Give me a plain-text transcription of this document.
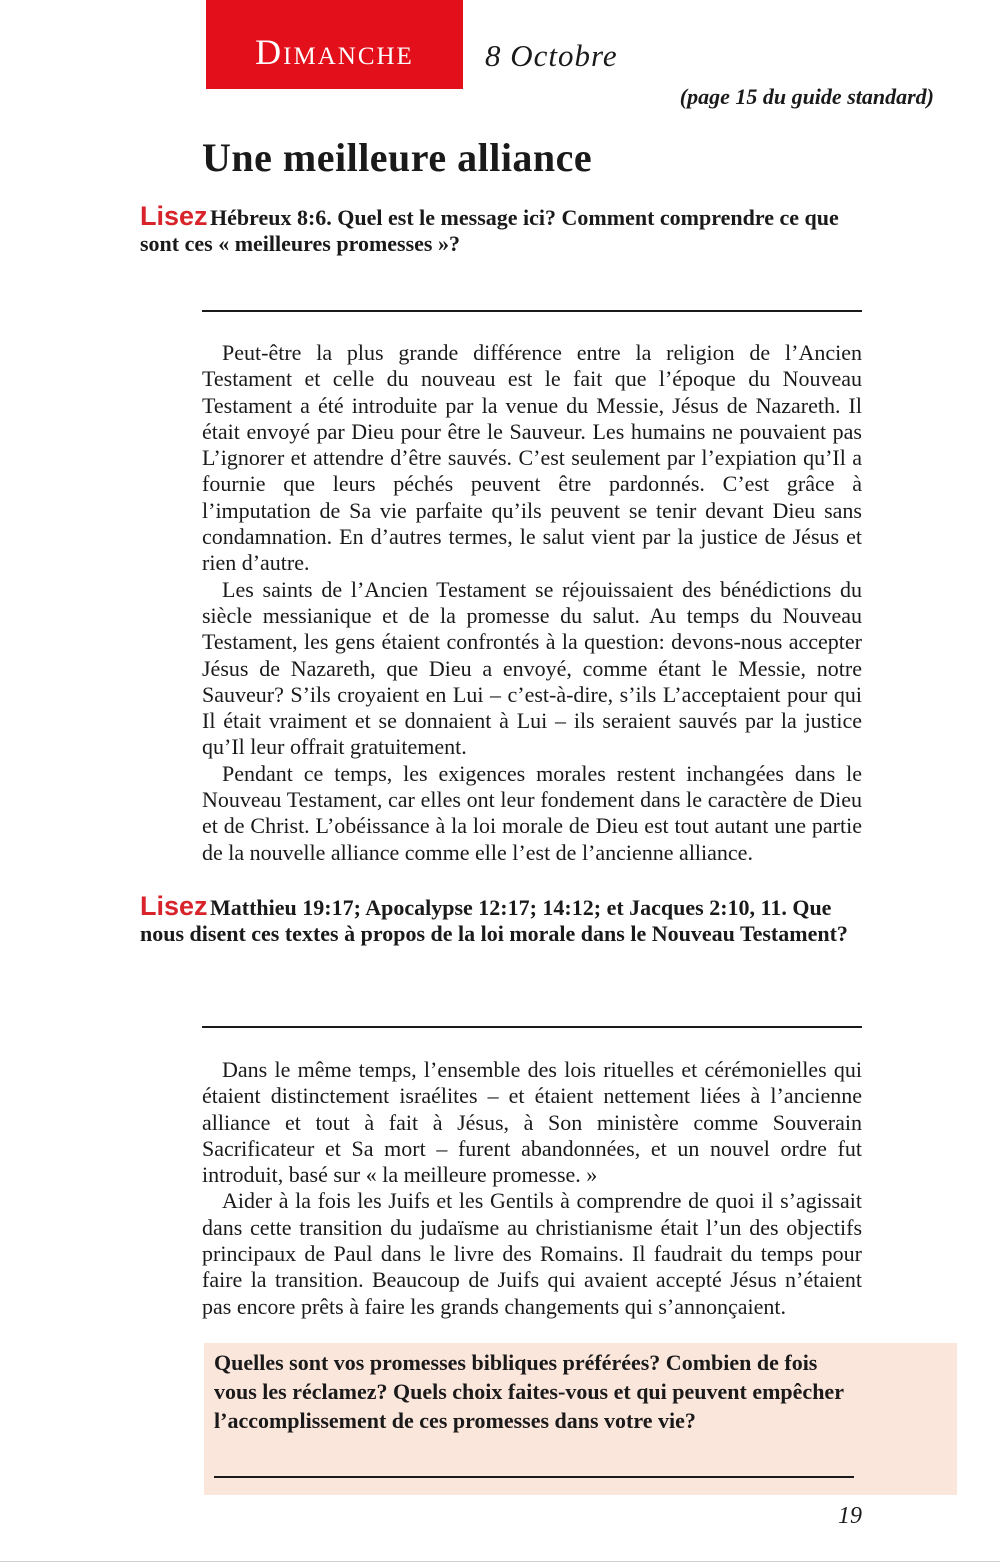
Dimanche	8 Octobre
(page 15 du guide standard)
Une meilleure alliance
Lisez Hébreux 8:6. Quel est le message ici? Comment comprendre ce que sont ces « meilleures promesses »?

Peut-être la plus grande différence entre la religion de l’Ancien Testament et celle du nouveau est le fait que l’époque du Nouveau Testament a été introduite par la venue du Messie, Jésus de Nazareth. Il était envoyé par Dieu pour être le Sauveur. Les humains ne pouvaient pas L’ignorer et attendre d’être sauvés. C’est seulement par l’expiation qu’Il a fournie que leurs péchés peuvent être pardonnés. C’est grâce à l’imputation de Sa vie parfaite qu’ils peuvent se tenir devant Dieu sans condamnation. En d’autres termes, le salut vient par la justice de Jésus et rien d’autre.

Les saints de l’Ancien Testament se réjouissaient des bénédictions du siècle messianique et de la promesse du salut. Au temps du Nouveau Testament, les gens étaient confrontés à la question: devons-nous accepter Jésus de Nazareth, que Dieu a envoyé, comme étant le Messie, notre Sauveur? S’ils croyaient en Lui – c’est-à-dire, s’ils L’acceptaient pour qui Il était vraiment et se donnaient à Lui – ils seraient sauvés par la justice qu’Il leur offrait gratuitement.

Pendant ce temps, les exigences morales restent inchangées dans le Nouveau Testament, car elles ont leur fondement dans le caractère de Dieu et de Christ. L’obéissance à la loi morale de Dieu est tout autant une partie de la nouvelle alliance comme elle l’est de l’ancienne alliance.

Lisez Matthieu 19:17; Apocalypse 12:17; 14:12; et Jacques 2:10, 11. Que nous disent ces textes à propos de la loi morale dans le Nouveau Testament?

Dans le même temps, l’ensemble des lois rituelles et cérémonielles qui étaient distinctement israélites – et étaient nettement liées à l’ancienne alliance et tout à fait à Jésus, à Son ministère comme Souverain Sacrificateur et Sa mort – furent abandonnées, et un nouvel ordre fut introduit, basé sur « la meilleure promesse. »

Aider à la fois les Juifs et les Gentils à comprendre de quoi il s’agissait dans cette transition du judaïsme au christianisme était l’un des objectifs principaux de Paul dans le livre des Romains. Il faudrait du temps pour faire la transition. Beaucoup de Juifs qui avaient accepté Jésus n’étaient pas encore prêts à faire les grands changements qui s’annonçaient.

Quelles sont vos promesses bibliques préférées? Combien de fois vous les réclamez? Quels choix faites-vous et qui peuvent empêcher l’accomplissement de ces promesses dans votre vie?
19
